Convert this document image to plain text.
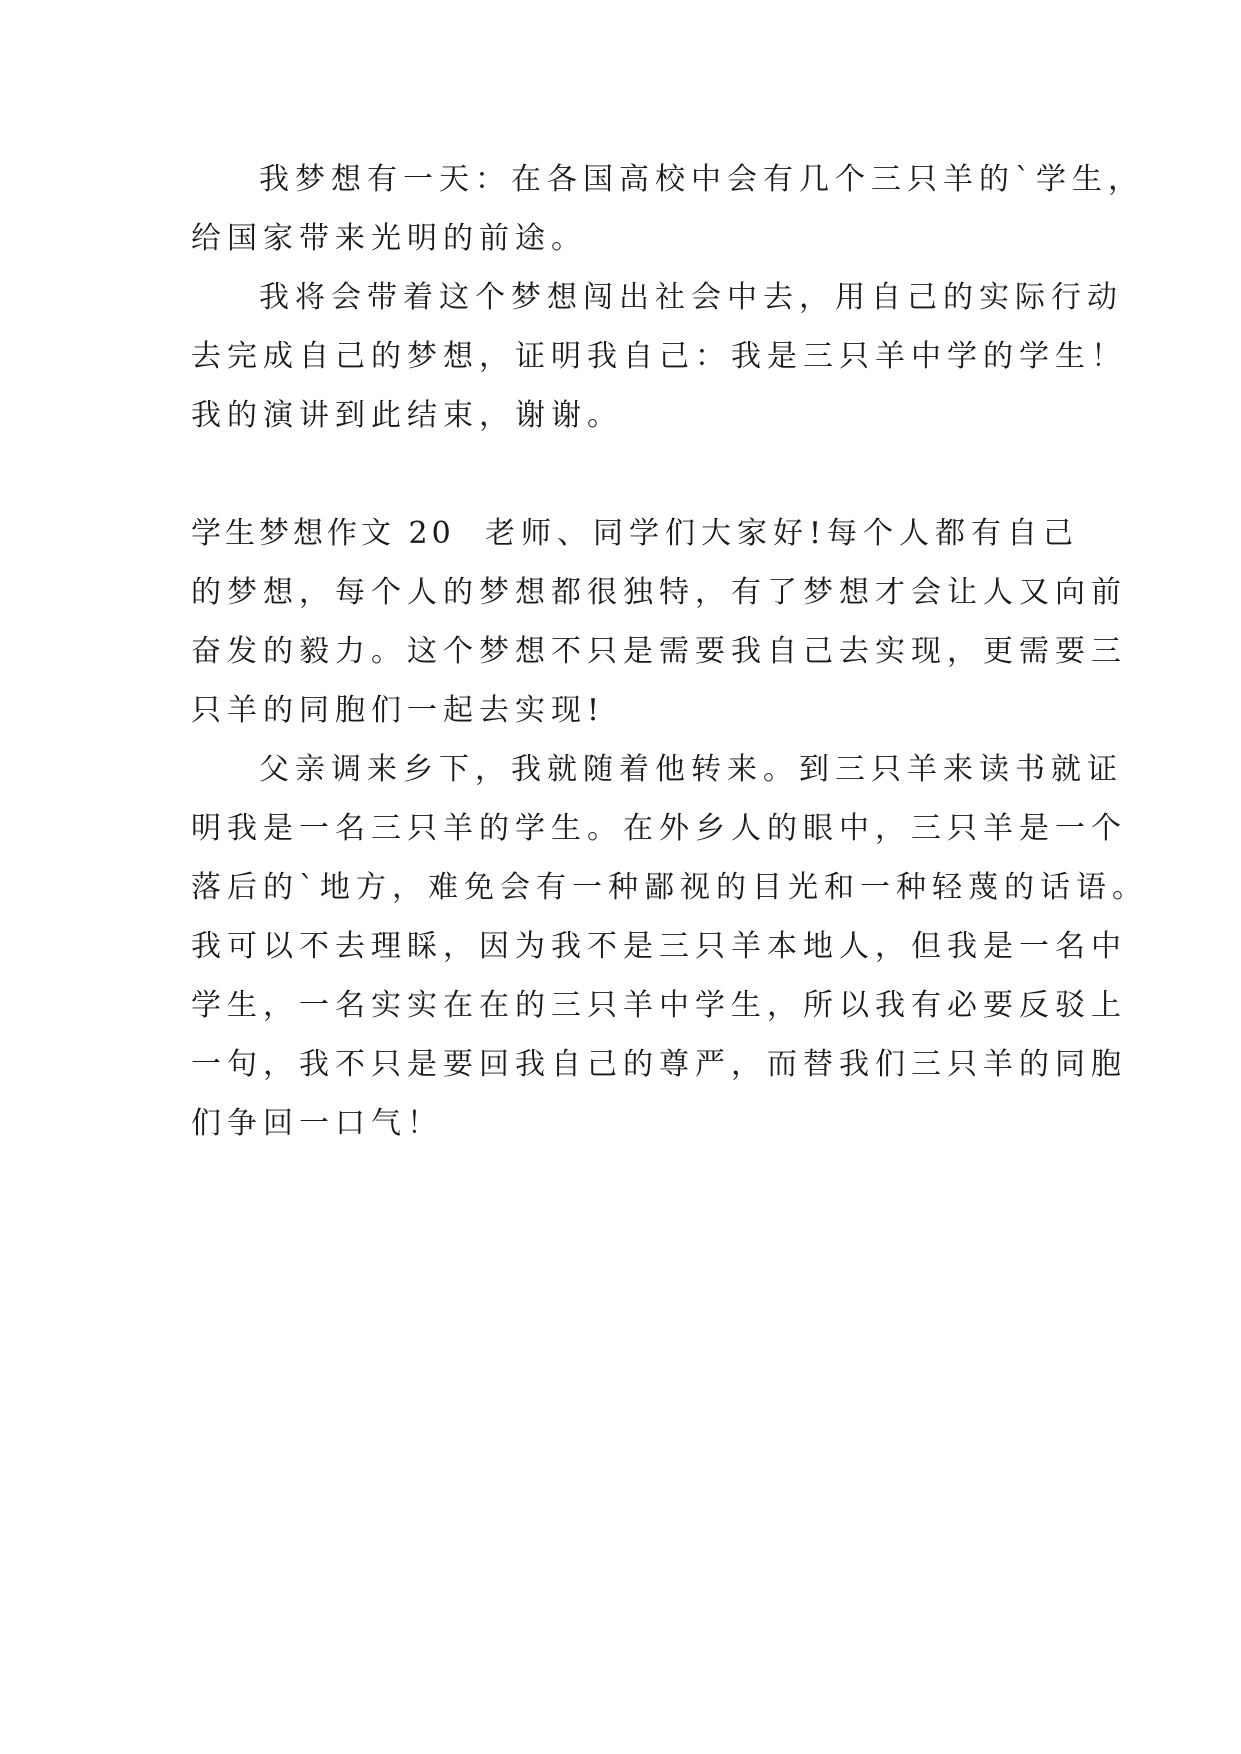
我梦想有一天：在各国高校中会有几个三只羊的`学生，
给国家带来光明的前途。
我将会带着这个梦想闯出社会中去，用自己的实际行动
去完成自己的梦想，证明我自己：我是三只羊中学的学生！
我的演讲到此结束，谢谢。
学生梦想作文 20 老师、同学们大家好!每个人都有自己
的梦想，每个人的梦想都很独特，有了梦想才会让人又向前
奋发的毅力。这个梦想不只是需要我自己去实现，更需要三
只羊的同胞们一起去实现!
父亲调来乡下，我就随着他转来。到三只羊来读书就证
明我是一名三只羊的学生。在外乡人的眼中，三只羊是一个
落后的`地方，难免会有一种鄙视的目光和一种轻蔑的话语。
我可以不去理睬，因为我不是三只羊本地人，但我是一名中
学生，一名实实在在的三只羊中学生，所以我有必要反驳上
一句，我不只是要回我自己的尊严，而替我们三只羊的同胞
们争回一口气！
